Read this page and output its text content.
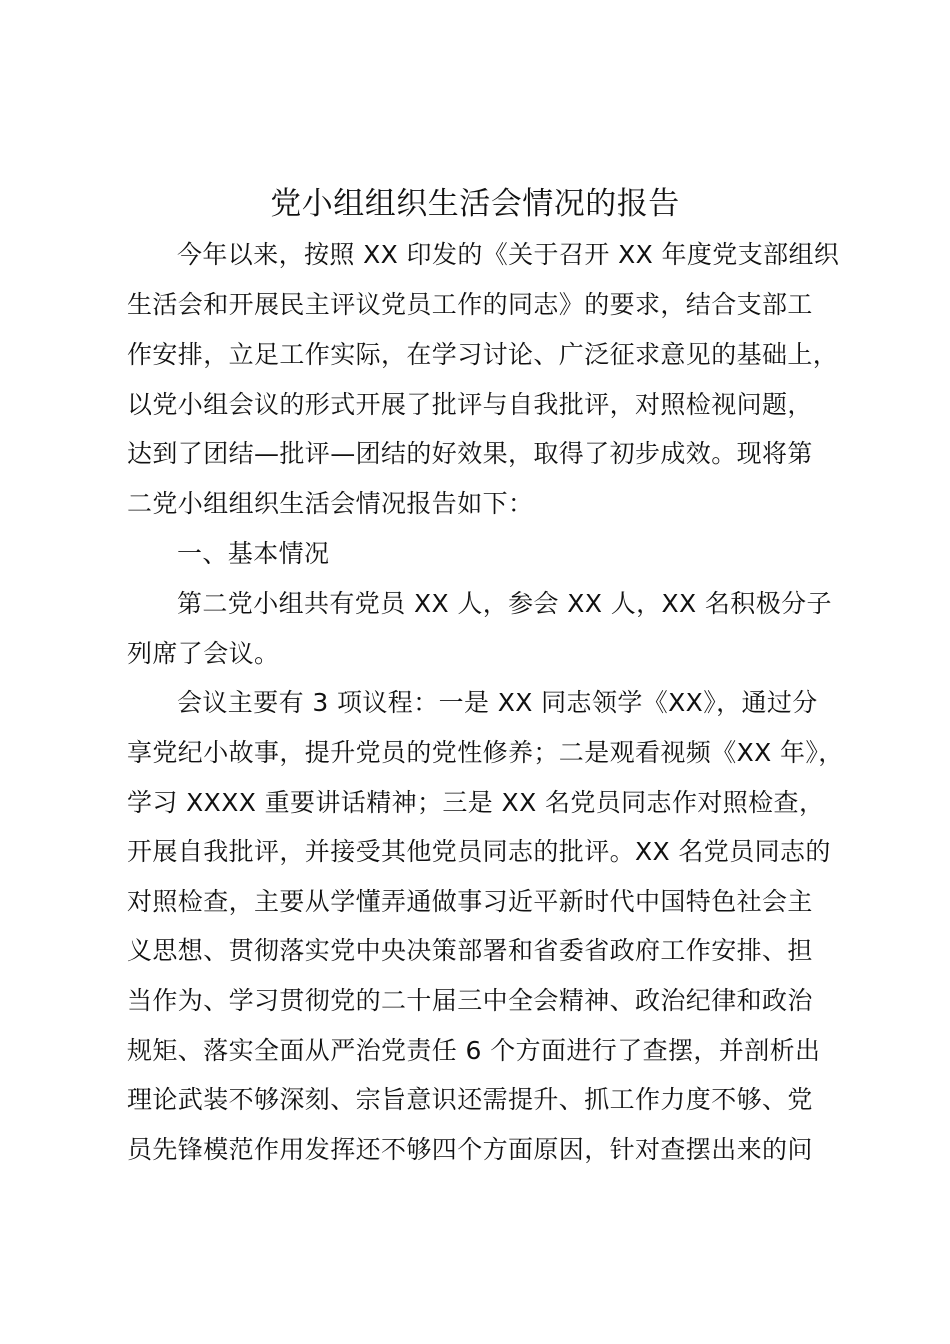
党小组组织生活会情况的报告

今年以来，按照 XX 印发的《关于召开 XX 年度党支部组织

生活会和开展民主评议党员工作的同志》的要求，结合支部工

作安排，立足工作实际，在学习讨论、广泛征求意见的基础上，

以党小组会议的形式开展了批评与自我批评，对照检视问题，

达到了团结—批评—团结的好效果，取得了初步成效。现将第

二党小组组织生活会情况报告如下：

一、基本情况

第二党小组共有党员 XX 人，参会 XX 人，XX 名积极分子

列席了会议。

会议主要有 3 项议程：一是 XX 同志领学《XX》，通过分

享党纪小故事，提升党员的党性修养；二是观看视频《XX 年》，

学习 XXXX 重要讲话精神；三是 XX 名党员同志作对照检查，

开展自我批评，并接受其他党员同志的批评。XX 名党员同志的

对照检查，主要从学懂弄通做事习近平新时代中国特色社会主

义思想、贯彻落实党中央决策部署和省委省政府工作安排、担

当作为、学习贯彻党的二十届三中全会精神、政治纪律和政治

规矩、落实全面从严治党责任 6 个方面进行了查摆，并剖析出

理论武装不够深刻、宗旨意识还需提升、抓工作力度不够、党

员先锋模范作用发挥还不够四个方面原因，针对查摆出来的问
